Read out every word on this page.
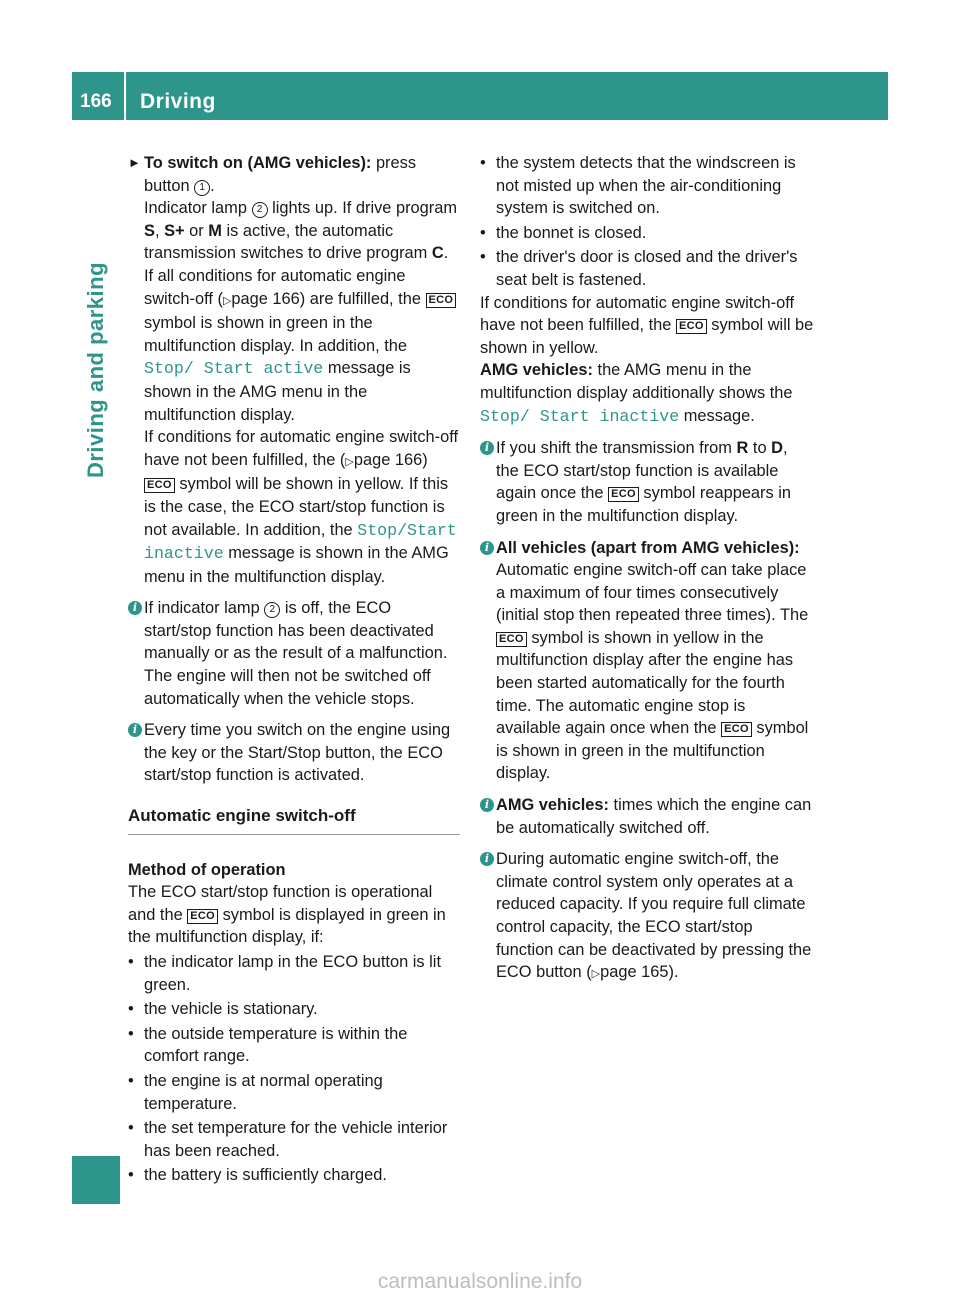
166 Driving
Driving and parking

► To switch on (AMG vehicles): press button 1 .

Indicator lamp 2 lights up. If drive program S, S+ or M is active, the automatic transmission switches to drive program C.

If all conditions for automatic engine switch-off (▷page 166) are fulfilled, the ECO symbol is shown in green in the multifunction display. In addition, the Stop/ Start active message is shown in the AMG menu in the multifunction display.

If conditions for automatic engine switch-off have not been fulfilled, the (▷page 166) ECO symbol will be shown in yellow. If this is the case, the ECO start/stop function is not available. In addition, the Stop/Start inactive message is shown in the AMG menu in the multifunction display.

i If indicator lamp 2 is off, the ECO start/stop function has been deactivated manually or as the result of a malfunction. The engine will then not be switched off automatically when the vehicle stops.

i Every time you switch on the engine using the key or the Start/Stop button, the ECO start/stop function is activated.

Automatic engine switch-off

Method of operation

The ECO start/stop function is operational and the ECO symbol is displayed in green in the multifunction display, if:

• the indicator lamp in the ECO button is lit green.

• the vehicle is stationary.

• the outside temperature is within the comfort range.

• the engine is at normal operating temperature.

• the set temperature for the vehicle interior has been reached.

• the battery is sufficiently charged.

• the system detects that the windscreen is not misted up when the air-conditioning system is switched on.

• the bonnet is closed.

• the driver's door is closed and the driver's seat belt is fastened.

If conditions for automatic engine switch-off have not been fulfilled, the ECO symbol will be shown in yellow.

AMG vehicles: the AMG menu in the multifunction display additionally shows the Stop/ Start inactive message.

i If you shift the transmission from R to D, the ECO start/stop function is available again once the ECO symbol reappears in green in the multifunction display.

i All vehicles (apart from AMG vehicles): Automatic engine switch-off can take place a maximum of four times consecutively (initial stop then repeated three times). The ECO symbol is shown in yellow in the multifunction display after the engine has been started automatically for the fourth time. The automatic engine stop is available again once when the ECO symbol is shown in green in the multifunction display.

i AMG vehicles: times which the engine can be automatically switched off.

i During automatic engine switch-off, the climate control system only operates at a reduced capacity. If you require full climate control capacity, the ECO start/stop function can be deactivated by pressing the ECO button (▷page 165).

carmanualsonline.info
